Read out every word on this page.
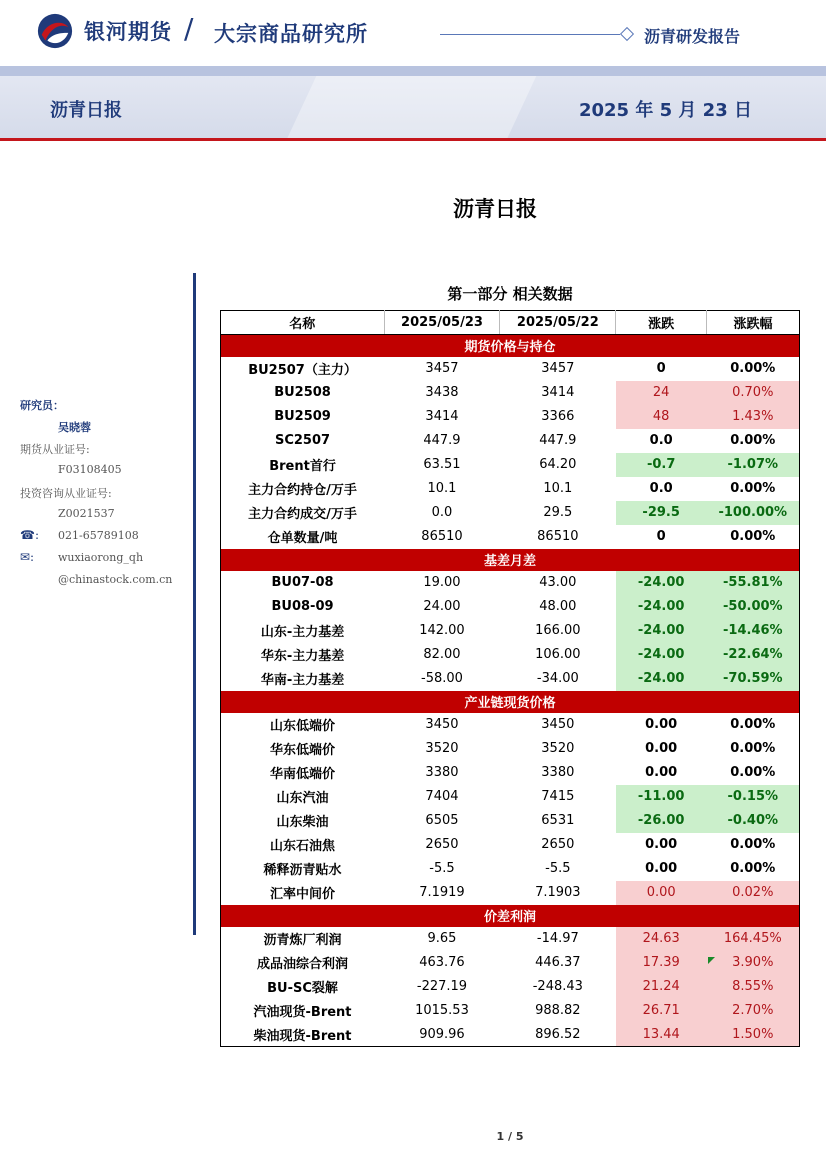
银河期货 / 大宗商品研究所	沥青研发报告
沥青日报	2025 年 5 月 23 日
沥青日报
研究员：
吴晓蓉
期货从业证号:
F03108405
投资咨询从业证号:
Z0021537
☎: 021-65789108
✉: wuxiaorong_qh
@chinastock.com.cn
第一部分 相关数据
名称	2025/05/23	2025/05/22	涨跌	涨跌幅
期货价格与持仓				
BU2507（主力）	3457	3457	0	0.00%
BU2508	3438	3414	24	0.70%
BU2509	3414	3366	48	1.43%
SC2507	447.9	447.9	0.0	0.00%
Brent首行	63.51	64.20	-0.7	-1.07%
主力合约持仓/万手	10.1	10.1	0.0	0.00%
主力合约成交/万手	0.0	29.5	-29.5	-100.00%
仓单数量/吨	86510	86510	0	0.00%
基差月差				
BU07-08	19.00	43.00	-24.00	-55.81%
BU08-09	24.00	48.00	-24.00	-50.00%
山东-主力基差	142.00	166.00	-24.00	-14.46%
华东-主力基差	82.00	106.00	-24.00	-22.64%
华南-主力基差	-58.00	-34.00	-24.00	-70.59%
产业链现货价格				
山东低端价	3450	3450	0.00	0.00%
华东低端价	3520	3520	0.00	0.00%
华南低端价	3380	3380	0.00	0.00%
山东汽油	7404	7415	-11.00	-0.15%
山东柴油	6505	6531	-26.00	-0.40%
山东石油焦	2650	2650	0.00	0.00%
稀释沥青贴水	-5.5	-5.5	0.00	0.00%
汇率中间价	7.1919	7.1903	0.00	0.02%
价差利润				
沥青炼厂利润	9.65	-14.97	24.63	164.45%
成品油综合利润	463.76	446.37	17.39	3.90%
BU-SC裂解	-227.19	-248.43	21.24	8.55%
汽油现货-Brent	1015.53	988.82	26.71	2.70%
柴油现货-Brent	909.96	896.52	13.44	1.50%
1 / 5
